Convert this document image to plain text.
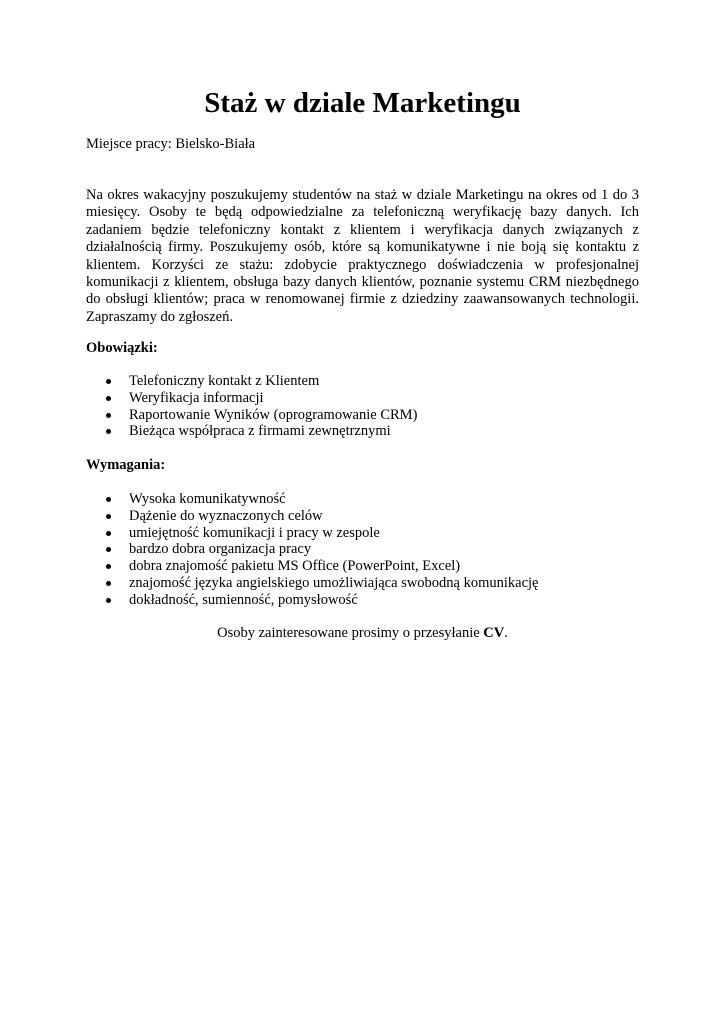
Staż w dziale Marketingu
Miejsce pracy: Bielsko-Biała

Na okres wakacyjny poszukujemy studentów na staż w dziale Marketingu na okres od 1 do 3 miesięcy. Osoby te będą odpowiedzialne za telefoniczną weryfikację bazy danych. Ich zadaniem będzie telefoniczny kontakt z klientem i weryfikacja danych związanych z działalnością firmy. Poszukujemy osób, które są komunikatywne i nie boją się kontaktu z klientem. Korzyści ze stażu: zdobycie praktycznego doświadczenia w profesjonalnej komunikacji z klientem, obsługa bazy danych klientów, poznanie systemu CRM niezbędnego do obsługi klientów; praca w renomowanej firmie z dziedziny zaawansowanych technologii. Zapraszamy do zgłoszeń.

Obowiązki:
Telefoniczny kontakt z Klientem
Weryfikacja informacji
Raportowanie Wyników (oprogramowanie CRM)
Bieżąca współpraca z firmami zewnętrznymi
Wymagania:
Wysoka komunikatywność
Dążenie do wyznaczonych celów
umiejętność komunikacji i pracy w zespole
bardzo dobra organizacja pracy
dobra znajomość pakietu MS Office (PowerPoint, Excel)
znajomość języka angielskiego umożliwiająca swobodną komunikację
dokładność, sumienność, pomysłowość
Osoby zainteresowane prosimy o przesyłanie CV.
